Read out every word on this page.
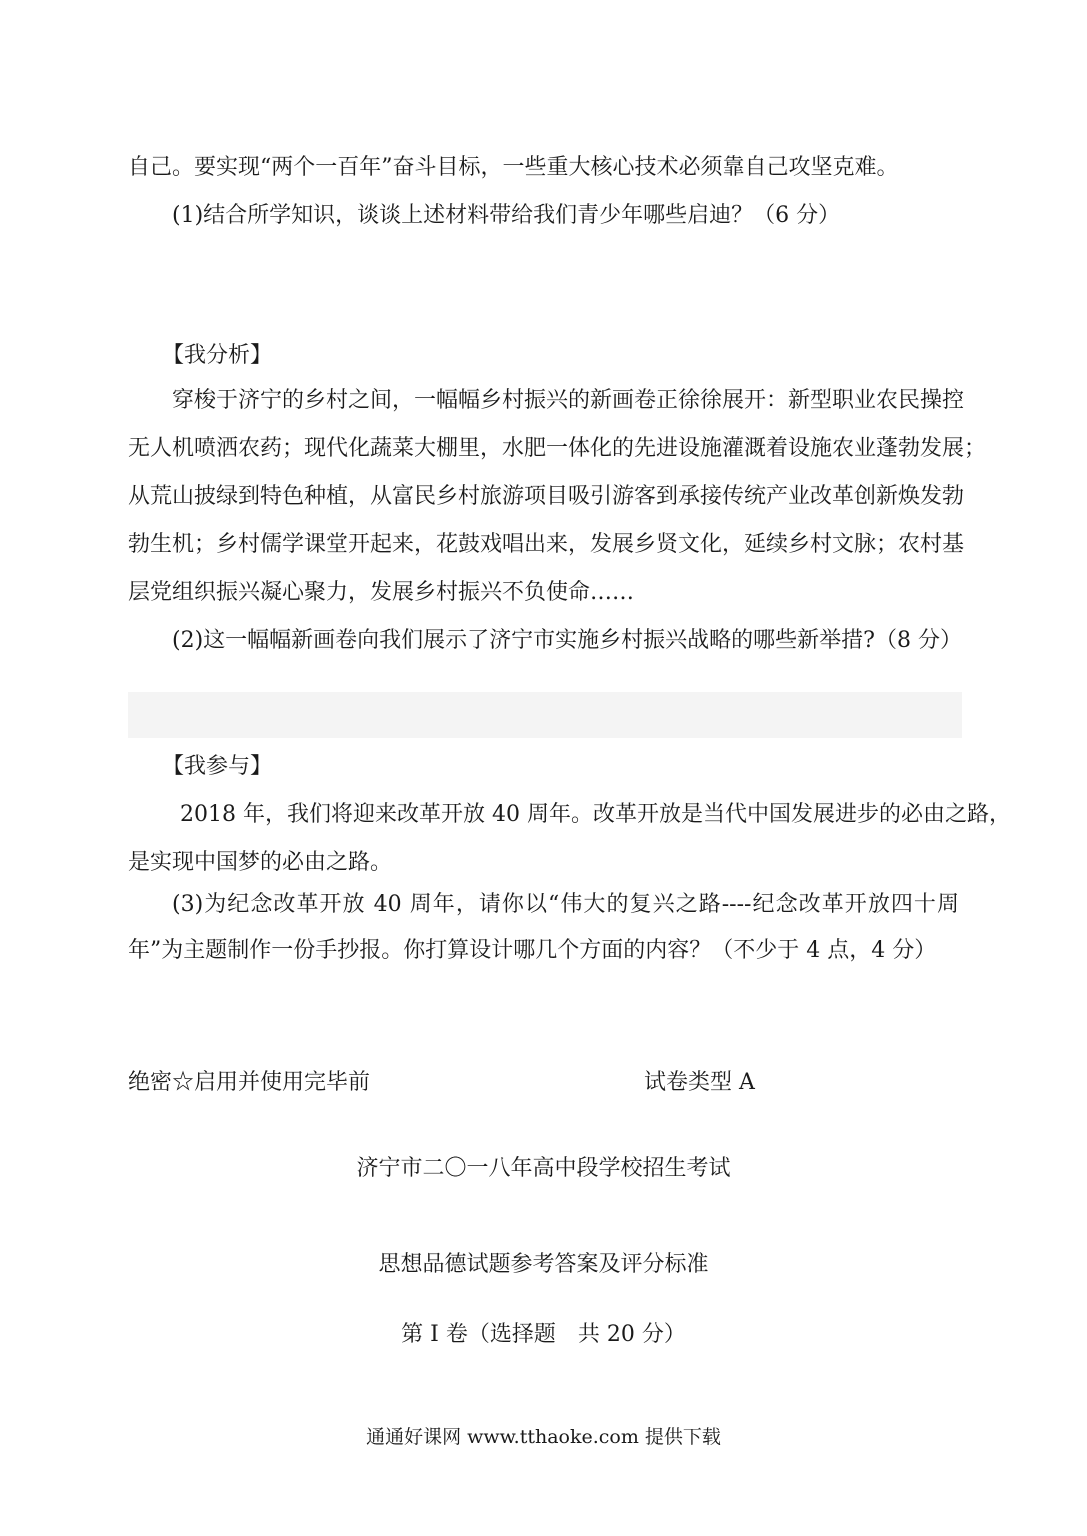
自己。要实现“两个一百年”奋斗目标，一些重大核心技术必须靠自己攻坚克难。
(1)结合所学知识，谈谈上述材料带给我们青少年哪些启迪？（6 分）
【我分析】
穿梭于济宁的乡村之间，一幅幅乡村振兴的新画卷正徐徐展开：新型职业农民操控
无人机喷洒农药；现代化蔬菜大棚里，水肥一体化的先进设施灌溉着设施农业蓬勃发展；
从荒山披绿到特色种植，从富民乡村旅游项目吸引游客到承接传统产业改革创新焕发勃
勃生机；乡村儒学课堂开起来，花鼓戏唱出来，发展乡贤文化，延续乡村文脉；农村基
层党组织振兴凝心聚力，发展乡村振兴不负使命……
(2)这一幅幅新画卷向我们展示了济宁市实施乡村振兴战略的哪些新举措?（8 分）
【我参与】
2018 年，我们将迎来改革开放 40 周年。改革开放是当代中国发展进步的必由之路，
是实现中国梦的必由之路。
(3)为纪念改革开放 40 周年，请你以“伟大的复兴之路----纪念改革开放四十周
年”为主题制作一份手抄报。你打算设计哪几个方面的内容？（不少于 4 点，4 分）
绝密☆启用并使用完毕前	试卷类型 A
济宁市二〇一八年高中段学校招生考试
思想品德试题参考答案及评分标准
第 I 卷（选择题　共 20 分）
通通好课网 www.tthaoke.com 提供下载
